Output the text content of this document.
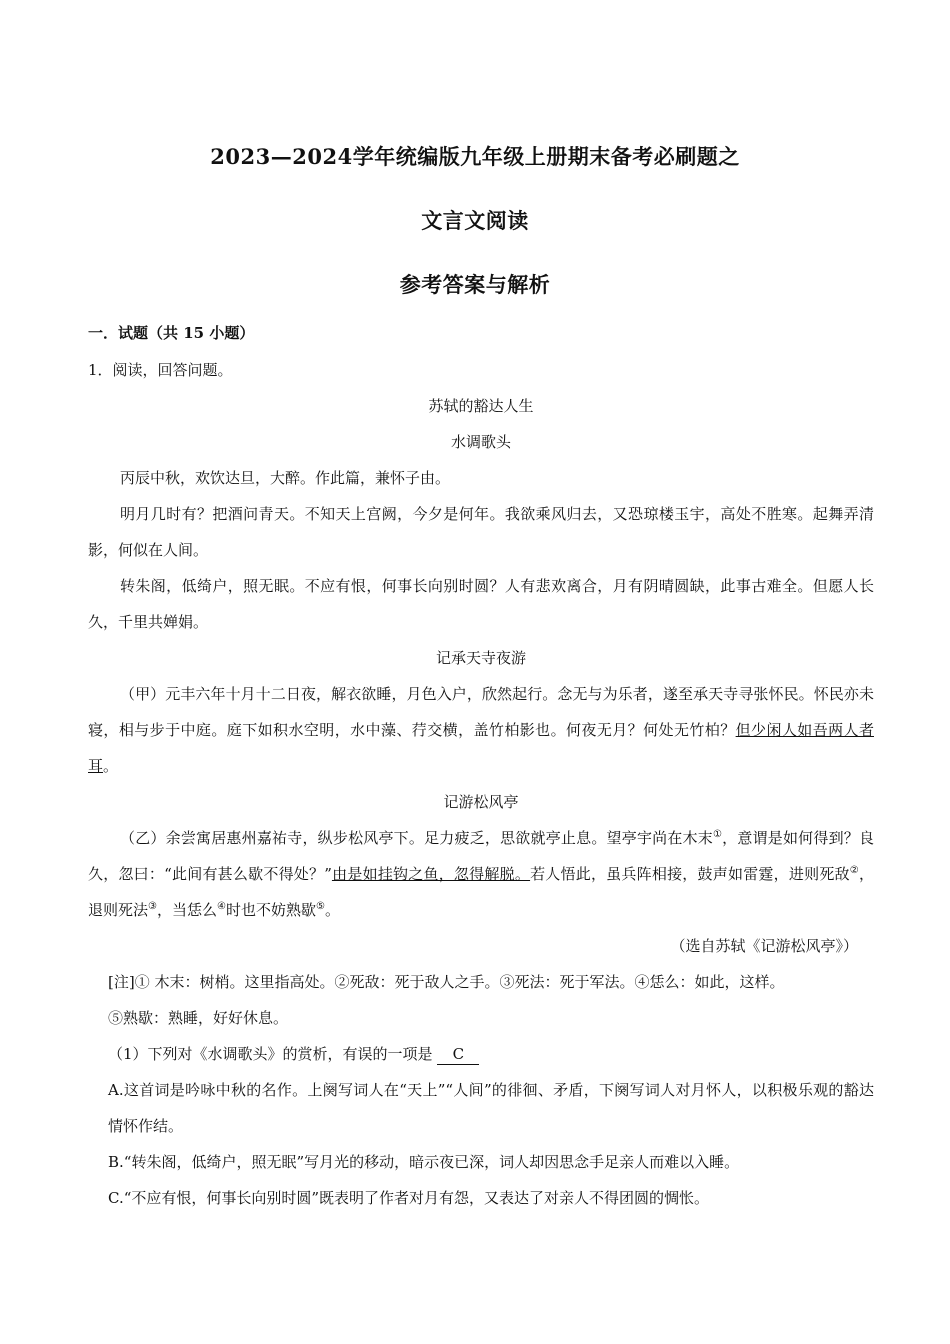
2023—2024学年统编版九年级上册期末备考必刷题之
文言文阅读
参考答案与解析
一．试题（共 15 小题）

1．阅读，回答问题。

苏轼的豁达人生

水调歌头

丙辰中秋，欢饮达旦，大醉。作此篇，兼怀子由。

明月几时有？把酒问青天。不知天上宫阙，今夕是何年。我欲乘风归去，又恐琼楼玉宇，高处不胜寒。起舞弄清影，何似在人间。

转朱阁，低绮户，照无眠。不应有恨，何事长向别时圆？人有悲欢离合，月有阴晴圆缺，此事古难全。但愿人长久，千里共婵娟。

记承天寺夜游

（甲）元丰六年十月十二日夜，解衣欲睡，月色入户，欣然起行。念无与为乐者，遂至承天寺寻张怀民。怀民亦未寝，相与步于中庭。庭下如积水空明，水中藻、荇交横，盖竹柏影也。何夜无月？何处无竹柏？但少闲人如吾两人者耳。

记游松风亭

（乙）余尝寓居惠州嘉祐寺，纵步松风亭下。足力疲乏，思欲就亭止息。望亭宇尚在木末①，意谓是如何得到？良久，忽曰：“此间有甚么歇不得处？”由是如挂钩之鱼，忽得解脱。若人悟此，虽兵阵相接，鼓声如雷霆，进则死敌②，退则死法③，当恁么④时也不妨熟歇⑤。

（选自苏轼《记游松风亭》）

[注]① 木末：树梢。这里指高处。②死敌：死于敌人之手。③死法：死于军法。④恁么：如此，这样。

⑤熟歇：熟睡，好好休息。

（1）下列对《水调歌头》的赏析，有误的一项是 C

A.这首词是吟咏中秋的名作。上阕写词人在“天上”“人间”的徘徊、矛盾，下阕写词人对月怀人，以积极乐观的豁达情怀作结。

B.“转朱阁，低绮户，照无眠”写月光的移动，暗示夜已深，词人却因思念手足亲人而难以入睡。

C.“不应有恨，何事长向别时圆”既表明了作者对月有怨，又表达了对亲人不得团圆的惆怅。
